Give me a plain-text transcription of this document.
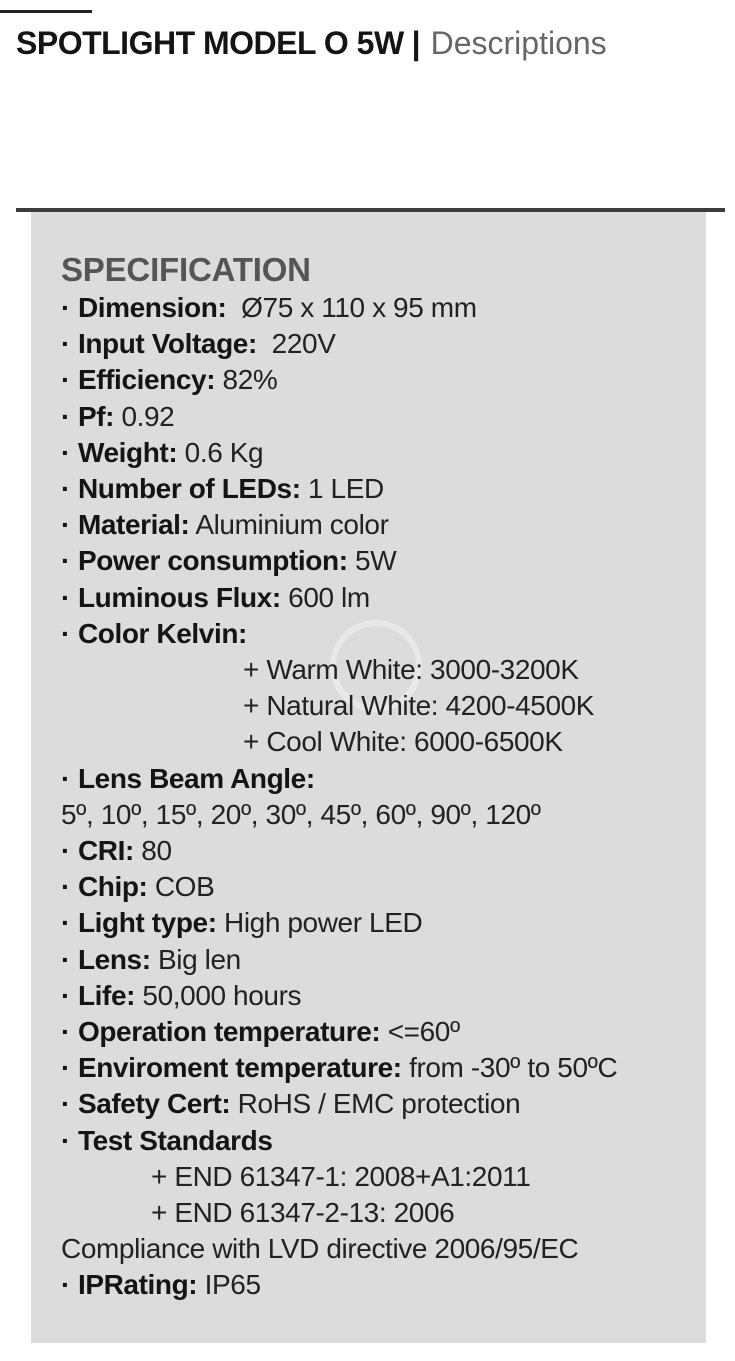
SPOTLIGHT MODEL O 5W | Descriptions
SPECIFICATION
· Dimension:  Ø75 x 110 x 95 mm
· Input Voltage:  220V
· Efficiency: 82%
· Pf: 0.92
· Weight: 0.6 Kg
· Number of LEDs: 1 LED
· Material: Aluminium color
· Power consumption: 5W
· Luminous Flux: 600 lm
· Color Kelvin:
+ Warm White: 3000-3200K
+ Natural White: 4200-4500K
+ Cool White: 6000-6500K
· Lens Beam Angle:
5º, 10º, 15º, 20º, 30º, 45º, 60º, 90º, 120º
· CRI: 80
· Chip: COB
· Light type: High power LED
· Lens: Big len
· Life: 50,000 hours
· Operation temperature: <=60º
· Enviroment temperature: from -30º to 50ºC
· Safety Cert: RoHS / EMC protection
· Test Standards
+ END 61347-1: 2008+A1:2011
+ END 61347-2-13: 2006
Compliance with LVD directive 2006/95/EC
· IPRating: IP65
